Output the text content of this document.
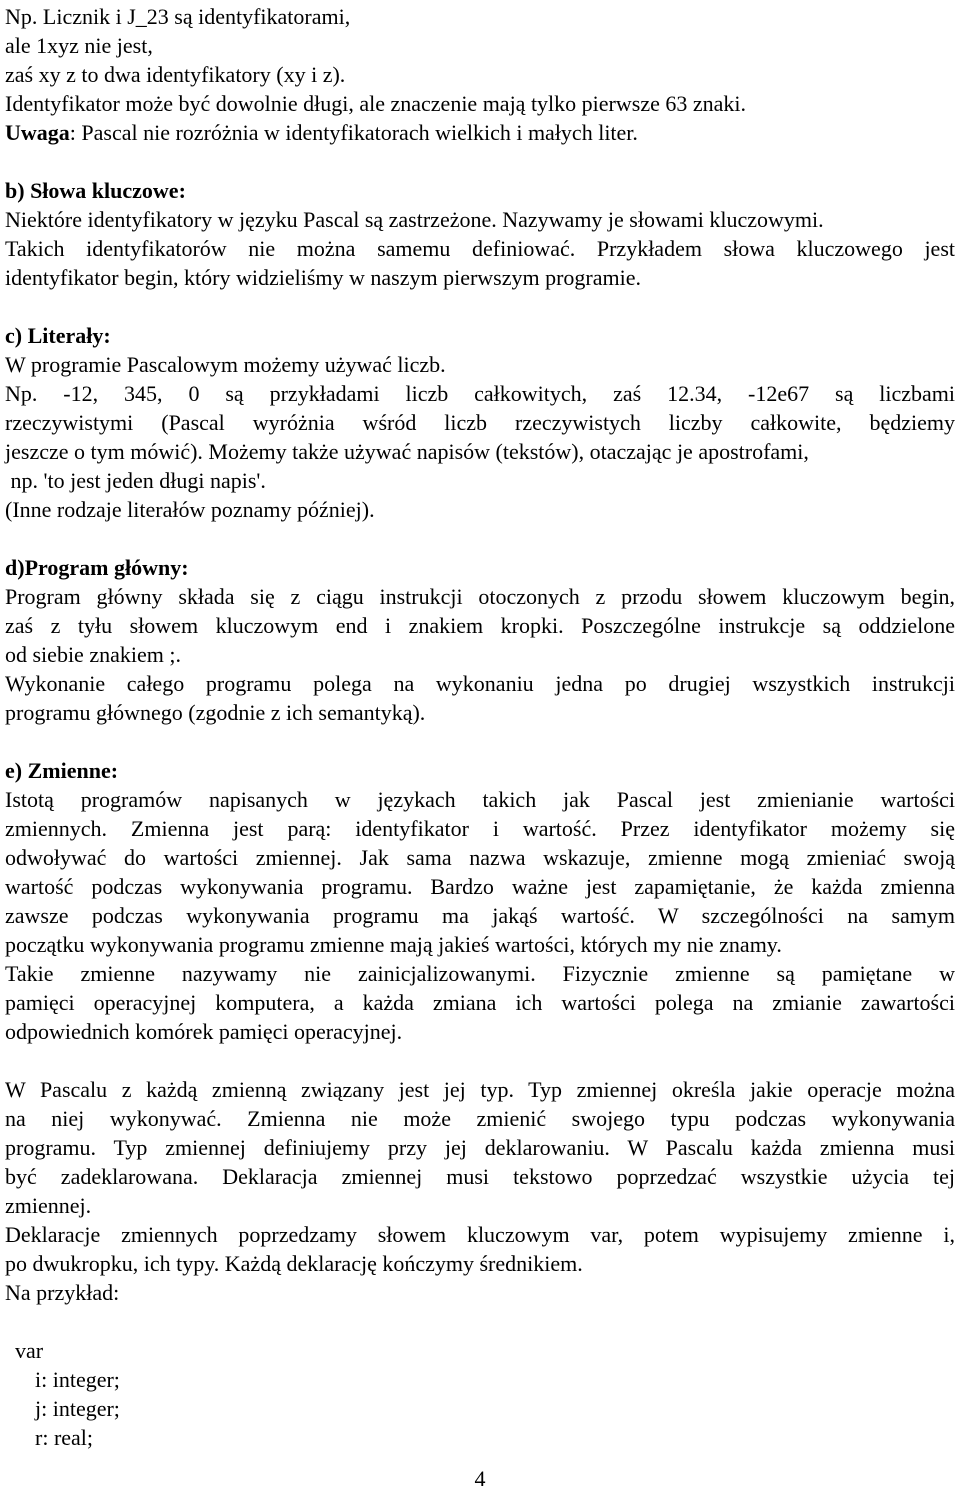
Np. Licznik i J_23 są identyfikatorami,
ale 1xyz nie jest,
zaś xy z to dwa identyfikatory (xy i z).
Identyfikator może być dowolnie długi, ale znaczenie mają tylko pierwsze 63 znaki.
Uwaga: Pascal nie rozróżnia w identyfikatorach wielkich i małych liter.
b) Słowa kluczowe:
Niektóre identyfikatory w języku Pascal są zastrzeżone. Nazywamy je słowami kluczowymi.
Takich identyfikatorów nie można samemu definiować. Przykładem słowa kluczowego jest
identyfikator begin, który widzieliśmy w naszym pierwszym programie.
c) Literały:
W programie Pascalowym możemy używać liczb.
Np. -12, 345, 0 są przykładami liczb całkowitych, zaś 12.34, -12e67 są liczbami
rzeczywistymi (Pascal wyróżnia wśród liczb rzeczywistych liczby całkowite, będziemy
jeszcze o tym mówić). Możemy także używać napisów (tekstów), otaczając je apostrofami,
np. 'to jest jeden długi napis'.
(Inne rodzaje literałów poznamy później).
d)Program główny:
Program główny składa się z ciągu instrukcji otoczonych z przodu słowem kluczowym begin,
zaś z tyłu słowem kluczowym end i znakiem kropki. Poszczególne instrukcje są oddzielone
od siebie znakiem ;.
Wykonanie całego programu polega na wykonaniu jedna po drugiej wszystkich instrukcji
programu głównego (zgodnie z ich semantyką).
e) Zmienne:
Istotą programów napisanych w językach takich jak Pascal jest zmienianie wartości
zmiennych. Zmienna jest parą: identyfikator i wartość. Przez identyfikator możemy się
odwoływać do wartości zmiennej. Jak sama nazwa wskazuje, zmienne mogą zmieniać swoją
wartość podczas wykonywania programu. Bardzo ważne jest zapamiętanie, że każda zmienna
zawsze podczas wykonywania programu ma jakąś wartość. W szczególności na samym
początku wykonywania programu zmienne mają jakieś wartości, których my nie znamy.
Takie zmienne nazywamy nie zainicjalizowanymi. Fizycznie zmienne są pamiętane w
pamięci operacyjnej komputera, a każda zmiana ich wartości polega na zmianie zawartości
odpowiednich komórek pamięci operacyjnej.
W Pascalu z każdą zmienną związany jest jej typ. Typ zmiennej określa jakie operacje można
na niej wykonywać. Zmienna nie może zmienić swojego typu podczas wykonywania
programu. Typ zmiennej definiujemy przy jej deklarowaniu. W Pascalu każda zmienna musi
być zadeklarowana. Deklaracja zmiennej musi tekstowo poprzedzać wszystkie użycia tej
zmiennej.
Deklaracje zmiennych poprzedzamy słowem kluczowym var, potem wypisujemy zmienne i,
po dwukropku, ich typy. Każdą deklarację kończymy średnikiem.
Na przykład:
var
i: integer;
j: integer;
r: real;
4
